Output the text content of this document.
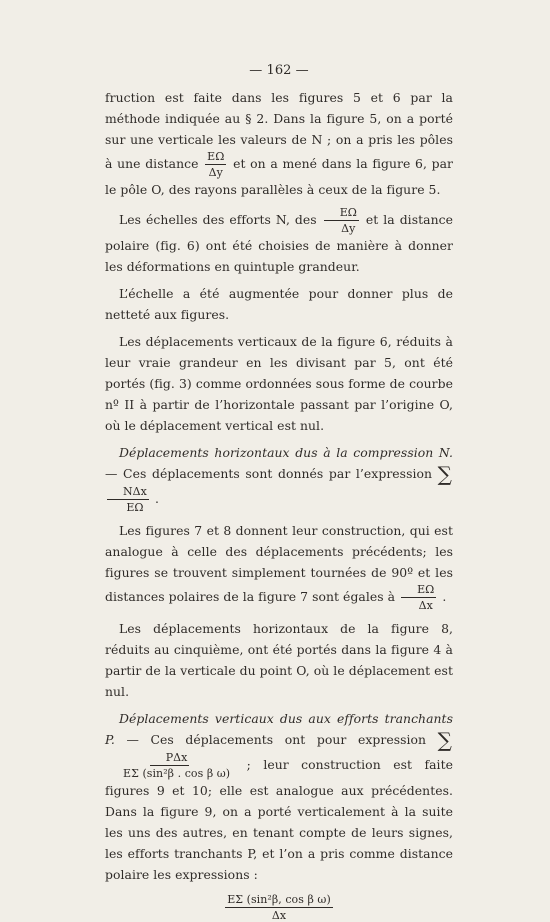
— 162 —

fruction est faite dans les figures 5 et 6 par la méthode indiquée au § 2. Dans la figure 5, on a porté sur une verticale les valeurs de N ; on a pris les pôles à une distance $\frac{E\Omega}{\Delta y}$ et on a mené dans la figure 6, par le pôle O, des rayons parallèles à ceux de la figure 5.

Les échelles des efforts N, des $\frac{E\Omega}{\Delta y}$ et la distance polaire (fig. 6) ont été choisies de manière à donner les déformations en quintuple grandeur.

L’échelle a été augmentée pour donner plus de netteté aux figures.

Les déplacements verticaux de la figure 6, réduits à leur vraie grandeur en les divisant par 5, ont été portés (fig. 3) comme ordonnées sous forme de courbe nº II à partir de l’horizontale passant par l’origine O, où le déplacement vertical est nul.

Déplacements horizontaux dus à la compression N. — Ces déplacements sont donnés par l’expression ∑
$\frac{\text{NΔx}}{E\Omega}$ .

Les figures 7 et 8 donnent leur construction, qui est analogue à celle des déplacements précédents; les figures se trouvent simplement tournées de 90º et les distances polaires de la figure 7 sont égales à $\frac{E\Omega}{\Delta x}$ .

Les déplacements horizontaux de la figure 8, réduits au cinquième, ont été portés dans la figure 4 à partir de la verticale du point O, où le déplacement est nul.

Déplacements verticaux dus aux efforts tranchants P. — Ces déplacements ont pour expression ∑
$\frac{\text{PΔx}}{\text{EΣ (sin²β . cos β ω)}}$ ; leur construction est faite figures 9 et 10; elle est analogue aux précédentes. Dans la figure 9, on a porté verticalement à la suite les uns des autres, en tenant compte de leurs signes, les efforts tranchants P, et l’on a pris comme distance polaire les expressions :

$\frac{\text{EΣ (sin²β, cos β ω)}}{\Delta x}$
